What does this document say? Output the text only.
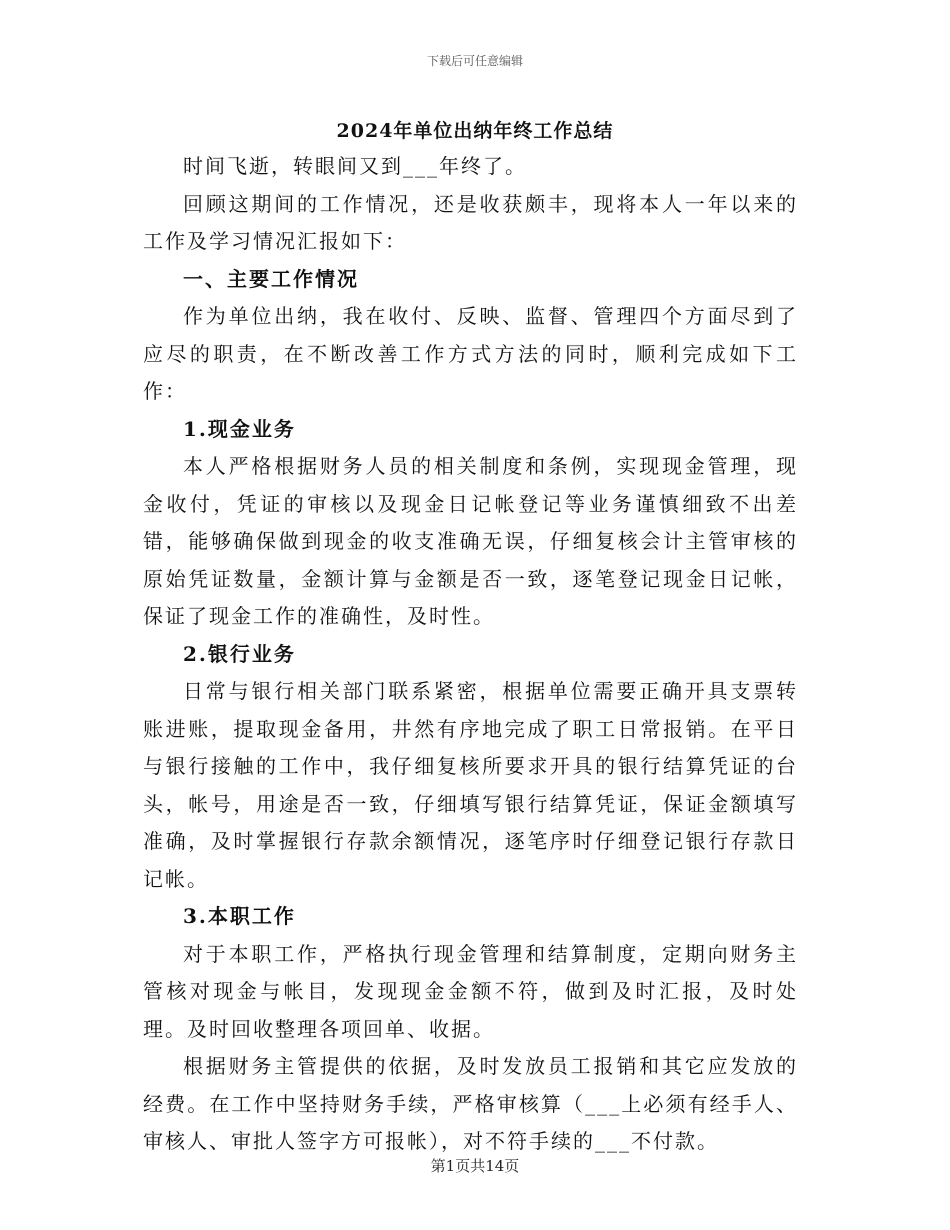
下载后可任意编辑
2024年单位出纳年终工作总结

时间飞逝，转眼间又到___年终了。

回顾这期间的工作情况，还是收获颇丰，现将本人一年以来的工作及学习情况汇报如下：

一、主要工作情况

作为单位出纳，我在收付、反映、监督、管理四个方面尽到了应尽的职责，在不断改善工作方式方法的同时，顺利完成如下工作：

1.现金业务

本人严格根据财务人员的相关制度和条例，实现现金管理，现金收付，凭证的审核以及现金日记帐登记等业务谨慎细致不出差错，能够确保做到现金的收支准确无误，仔细复核会计主管审核的原始凭证数量，金额计算与金额是否一致，逐笔登记现金日记帐，保证了现金工作的准确性，及时性。

2.银行业务

日常与银行相关部门联系紧密，根据单位需要正确开具支票转账进账，提取现金备用，井然有序地完成了职工日常报销。在平日与银行接触的工作中，我仔细复核所要求开具的银行结算凭证的台头，帐号，用途是否一致，仔细填写银行结算凭证，保证金额填写准确，及时掌握银行存款余额情况，逐笔序时仔细登记银行存款日记帐。

3.本职工作

对于本职工作，严格执行现金管理和结算制度，定期向财务主管核对现金与帐目，发现现金金额不符，做到及时汇报，及时处理。及时回收整理各项回单、收据。

根据财务主管提供的依据，及时发放员工报销和其它应发放的经费。在工作中坚持财务手续，严格审核算（___上必须有经手人、审核人、审批人签字方可报帐），对不符手续的___不付款。

第1页共14页
